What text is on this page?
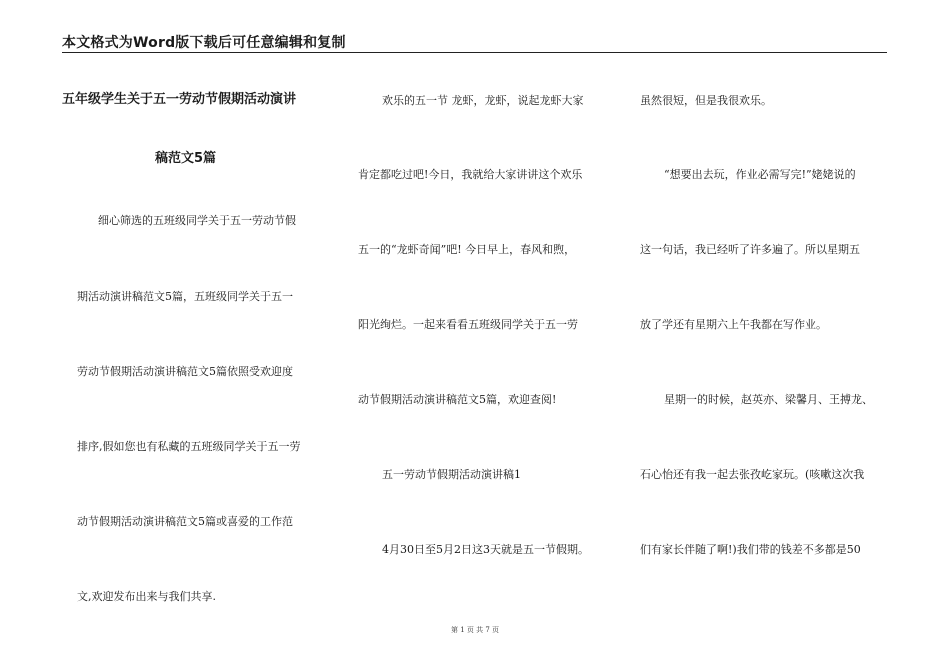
本文格式为Word版下载后可任意编辑和复制
五年级学生关于五一劳动节假期活动演讲
稿范文5篇
细心筛选的五班级同学关于五一劳动节假
期活动演讲稿范文5篇，五班级同学关于五一
劳动节假期活动演讲稿范文5篇依照受欢迎度
排序,假如您也有私藏的五班级同学关于五一劳
动节假期活动演讲稿范文5篇或喜爱的工作范
文,欢迎发布出来与我们共享.
欢乐的五一节 龙虾，龙虾，说起龙虾大家
肯定都吃过吧!今日，我就给大家讲讲这个欢乐
五一的“龙虾奇闻”吧! 今日早上，春风和煦，
阳光绚烂。一起来看看五班级同学关于五一劳
动节假期活动演讲稿范文5篇，欢迎查阅!
五一劳动节假期活动演讲稿1
4月30日至5月2日这3天就是五一节假期。
虽然很短，但是我很欢乐。
“想要出去玩，作业必需写完!”姥姥说的
这一句话，我已经听了许多遍了。所以星期五
放了学还有星期六上午我都在写作业。
星期一的时候，赵英亦、梁馨月、王搏龙、
石心怡还有我一起去张孜屹家玩。(咳嗽这次我
们有家长伴随了啊!)我们带的钱差不多都是50
第 1 页 共 7 页
